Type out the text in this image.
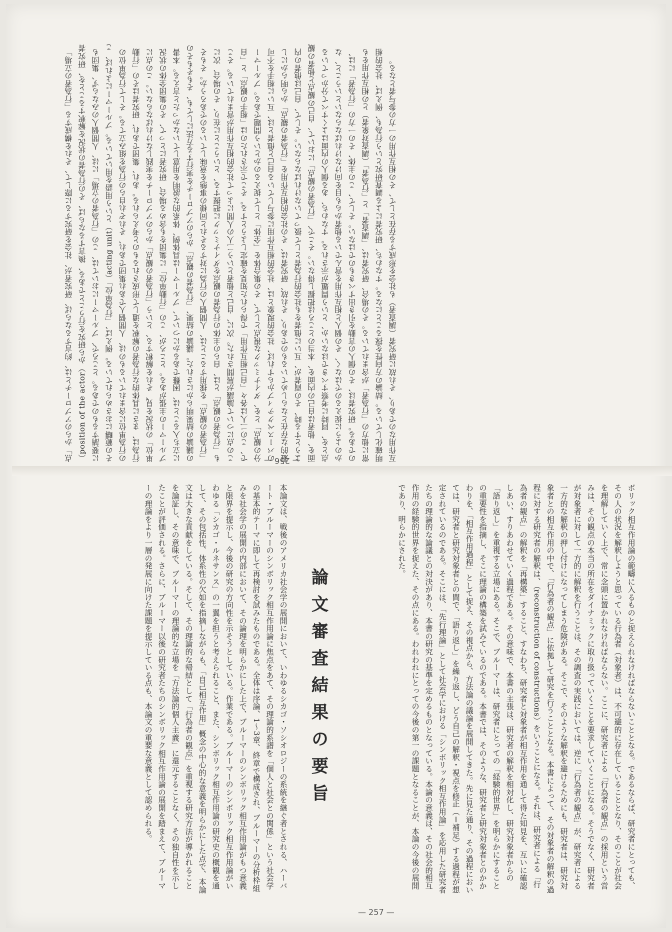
点」からのアプローチとは、約言するならば、研究者が、社会を研究するに際して、それを構成する「行為者の立場」（position of the actor）から研究を行うことである、換言するならば、その行為者の状況を解釈することを、研究者に要請するものである。ところで、ブルーマーにおいては、この「行為者の立場」には、人間個人のみならず、集団もその範疇におさめられている。例えば、「行為単位」（acting unit）という用語を用いている。ブルーマーによれば、この行為単位に含まれているものは、人間個人であれ集団であれ、それぞれ自らの行為を組み立てる。そして行為単位の行為は、まさに具体的な行為者の解釈を通して形成されるものと考えられる。あれ、集団であれ、研究者はその「行動単位」の状況を見、それを解釈する、という「行為者の観点」からのアプローチを実践しなければならない。この点にブルーマーの主張がある。ところが、この「行動単位」に集団をも含める場合、研究者にとって、その集団全体の状況に立ち入ることは、困難であるかについて、ブルーマーは具体例、体系的な説明を用意していなかったと言える。本書の議論の結果明らかにされた。議論の結果、「行為者の観点」からのアプローチを実行する方法にしても、そもそもその「行為者の観点」を採用することは、人間個人の行為に対するそれと同様の事態を意味しているのであろうか。そもそも「行為者の観点」とは、自らの主体の行為者の観点をダイナミックに把握する、ということに在り、その場合、次にこの点について論議が展開された。次に、自己と他者という二人の人間によって社会的相互作用が営まれている。そこで、この二人は各々「自己相互作用」で得られた知見を確定しようとする。そこで示されたのは「相手の観点」と「自分の観点」とを、ダイナミックな視点として、その集合体を「全体」として捉えるのかという問題である。ブルーマーのパースペクティブからすれば、社会的現象とは、社会的相互作用に参与している自己と他者とは、互いに相手を不可避的な存在とならしめているものであり、それ故、研究者は、その社会的相互作用を「行為者の観点」から明らかにしようとする時、その両者が、互いに他者をも社会的行為者として扱っていなければならない。そして、自己は他者の内面を、他者は自己の内面を、本当のところは把握し得ない。そこで、「行為者の観点」において、自己の観点と他者の観点とを、同時に考察すべきではないか、という問題が示される。すなわち、ある個人の内面はよくすべて分かっているかのように捉えるのではなく、その個人と相互作用を営んでいる他者からも目を向けなければならないということ、なのである。研究者は、その個人の言動を引き出すべきものではない。そして、この主体、その一方の「行為者」には、常に他方の「行為者」が含まれている。その場合、研究者は、「調査者」と「行為者」（調査対象者）との相互作用をも明確化している。結論の方向性を探ることになる。すなわち、研究者による調査研究という行為も、例えば、社会的相互作用なのであり、それ故に研究者（調査者）も社会を形成する存在として、その相互作用の一方の参与者となる。
— 256 —
ボリック相互作用論の範疇に入るものと捉えられなければならないこととなる。であるならば、研究者にとっても、その人の状況を解釈しようと思っている行為者（対象者）は、不可避的に存在していることとなり、そのことが社会を理解していく上で、常に念頭に置かれなければならない。ここに、研究者による「行為者の観点」の採用という営みは、その観点の本当の所在をダイナミックに取り扱っていくことを要求していくことになる。そうでなく、研究者が対象者に対して一方的に解釈を行うことは、その調査の実践においては、逆に「行為者の観点」が、研究者による一方的な解釈の押し付けになってしまう危険がある。そこで、そのような解釈を避けるためにも、研究者は、研究対象者との相互作用の中で、「行為者の観点」に依拠して研究を行うこととなる。本書によって、その対象者の解釈の過程に対する研究者の解釈は、（reconstruction of constructions）をいうことになる。それは、研究者による「行為者の観点」の解釈を「再構築」すること、すなわち、研究者と対象者が相互作用を通して得た知見を、互いに確認しあい、すりあわせていく過程である。その意味で、本書の主張は、研究者の解釈を相対化し、研究対象者からの「語り返し」を重視する立場にある。そこで、ブルーマーは、研究者にとっての「経験的世界」を明らかにすることの重要性を指摘し、そこに理論の構築を試みているのである。本書では、そのような、研究者と研究対象者とのかかわりを、「相互作用過程」として捉え、その視点から、方法論の議論を展開してきた。先に見た通り、その過程においては、研究者と研究対象者との間で、「語り返し」を繰り返し、どう自己の解釈・視点を修正（＝補足）する過程が想定されているのである。そこには、「先行理論」として社会学における「シンボリック相互作用論」を応用した研究者たちの理論的な論議との対決があり、本書の研究の基準を定めるものとなっている。本論の意義は、その社会的相互作用の経験的世界を捉えた、その点にある。われわれにとっての今後の第一の課題となることが、本論の今後の展開であり、明らかにされた。
論文審査結果の要旨
本論文は、戦後のアメリカ社会学の展開において、いわゆるシカゴ・ソシオロジーの系統を継ぐ者とされる、ハーバート・ブルーマーのシンボリック相互作用論に焦点をあて、その理論的系譜を「個人と社会との関係」という社会学の基本的テーマに即して再検討を試みたものである。全体は序論、1〜3章、終章で構成され、ブルーマーの分析枠組みを社会学の展開の内部において、その論理を明らかにした上で、ブルーマーのシンボリック相互作用論がもつ意義と限界を提示し、今後の研究の方向性を示そうとしている。作業である。ブルーマーのシンボリック相互作用論がいわゆる「シカゴ・ルネサンス」の一翼を担うと考えられること、また、シンボリック相互作用論の研究史の概観を通して、その包括性、体系性の欠如を指摘しながらも、「自己相互作用」概念の中心的な意義を明らかにした点で、本論文は大きな貢献をしている。そして、その理論的な帰結として「行為者の観点」を重視する研究方法が導かれることを論証し、その意味で、ブルーマーの理論的な立場を「方法論的個人主義」に還元することなく、その独自性を示したことが評価される。さらに、ブルーマー以後の研究者たちのシンボリック相互作用論の展開を踏まえて、ブルーマーの理論をより一層の発展に向けた課題を提示している点も、本論文の重要な意義として認められる。
— 257 —
